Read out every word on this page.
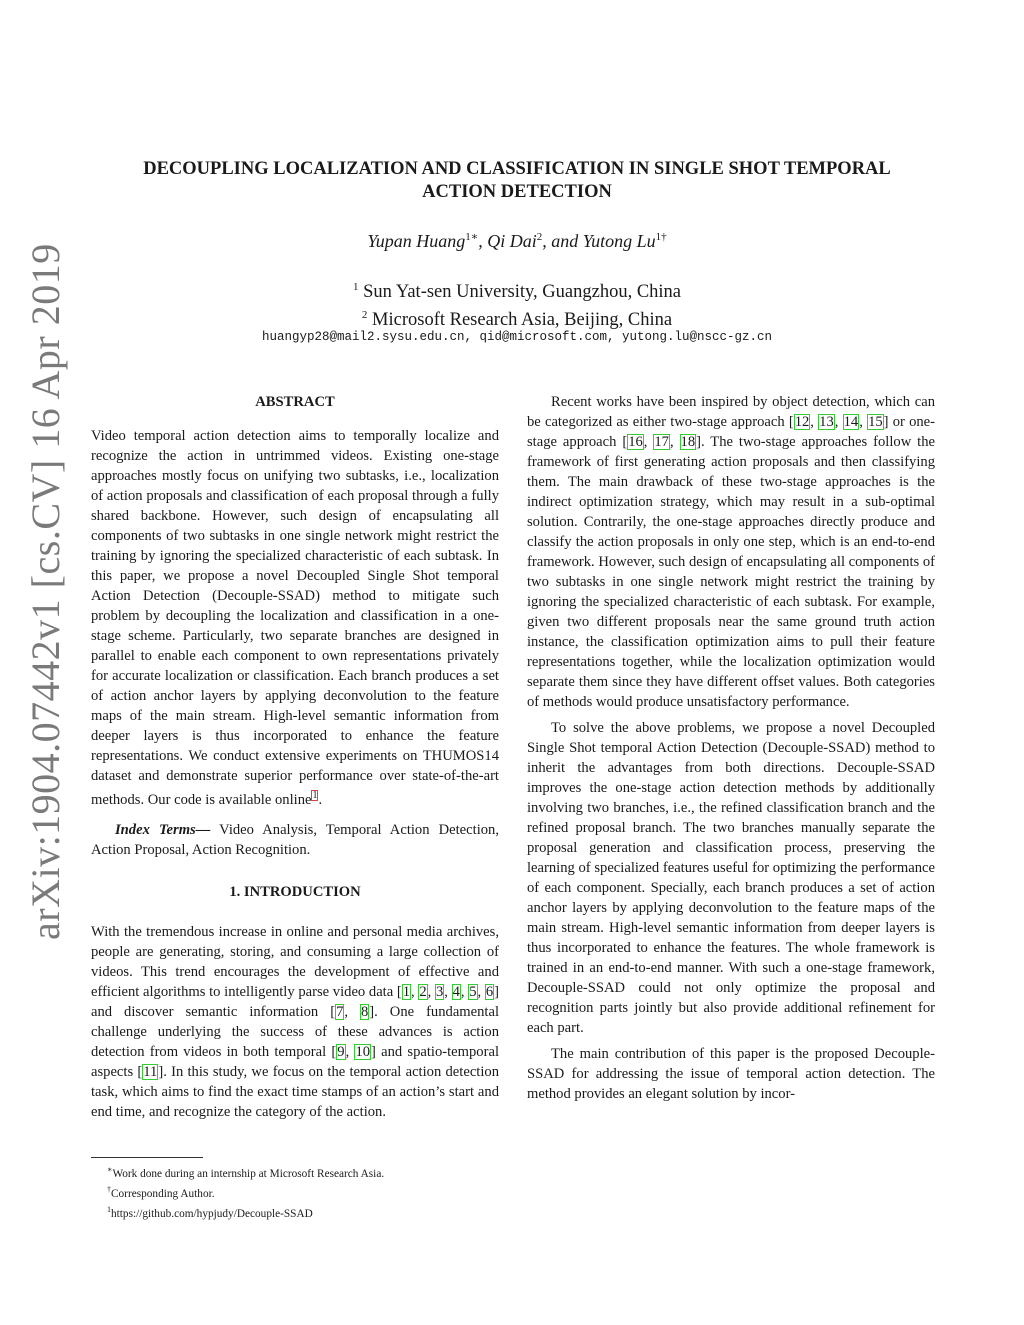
arXiv:1904.07442v1 [cs.CV] 16 Apr 2019
DECOUPLING LOCALIZATION AND CLASSIFICATION IN SINGLE SHOT TEMPORAL
ACTION DETECTION
Yupan Huang$^{1∗}$, Qi Dai$^2$, and Yutong $Lu^{1\dagger}$
$^1$ Sun Yat-sen University, Guangzhou, China
$^2$ Microsoft Research Asia, Beijing, China
huangyp28@mail2.sysu.edu.cn, qid@microsoft.com, yutong.lu@nscc-gz.cn

ABSTRACT

Video temporal action detection aims to temporally localize and recognize the action in untrimmed videos. Existing one-stage approaches mostly focus on unifying two subtasks, i.e., localization of action proposals and classification of each proposal through a fully shared backbone. However, such design of encapsulating all components of two subtasks in one single network might restrict the training by ignoring the specialized characteristic of each subtask. In this paper, we propose a novel Decoupled Single Shot temporal Action Detection (Decouple-SSAD) method to mitigate such problem by decoupling the localization and classification in a one-stage scheme. Particularly, two separate branches are designed in parallel to enable each component to own representations privately for accurate localization or classification. Each branch produces a set of action anchor layers by applying deconvolution to the feature maps of the main stream. High-level semantic information from deeper layers is thus incorporated to enhance the feature representations. We conduct extensive experiments on THUMOS14 dataset and demonstrate superior performance over state-of-the-art methods. Our code is available online$^1$.

Index Terms— Video Analysis, Temporal Action Detection, Action Proposal, Action Recognition.

1. INTRODUCTION

With the tremendous increase in online and personal media archives, people are generating, storing, and consuming a large collection of videos. This trend encourages the development of effective and efficient algorithms to intelligently parse video data [1, 2, 3, 4, 5, 6] and discover semantic information [7, 8]. One fundamental challenge underlying the success of these advances is action detection from videos in both temporal [9, 10] and spatio-temporal aspects [11]. In this study, we focus on the temporal action detection task, which aims to find the exact time stamps of an action’s start and end time, and recognize the category of the action.

Recent works have been inspired by object detection, which can be categorized as either two-stage approach [12, 13, 14, 15] or one-stage approach [16, 17, 18]. The two-stage approaches follow the framework of first generating action proposals and then classifying them. The main drawback of these two-stage approaches is the indirect optimization strategy, which may result in a sub-optimal solution. Contrarily, the one-stage approaches directly produce and classify the action proposals in only one step, which is an end-to-end framework. However, such design of encapsulating all components of two subtasks in one single network might restrict the training by ignoring the specialized characteristic of each subtask. For example, given two different proposals near the same ground truth action instance, the classification optimization aims to pull their feature representations together, while the localization optimization would separate them since they have different offset values. Both categories of methods would produce unsatisfactory performance.

To solve the above problems, we propose a novel Decoupled Single Shot temporal Action Detection (Decouple-SSAD) method to inherit the advantages from both directions. Decouple-SSAD improves the one-stage action detection methods by additionally involving two branches, i.e., the refined classification branch and the refined proposal branch. The two branches manually separate the proposal generation and classification process, preserving the learning of specialized features useful for optimizing the performance of each component. Specially, each branch produces a set of action anchor layers by applying deconvolution to the feature maps of the main stream. High-level semantic information from deeper layers is thus incorporated to enhance the features. The whole framework is trained in an end-to-end manner. With such a one-stage framework, Decouple-SSAD could not only optimize the proposal and recognition parts jointly but also provide additional refinement for each part.

The main contribution of this paper is the proposed Decouple-SSAD for addressing the issue of temporal action detection. The method provides an elegant solution by incor-

∗Work done during an internship at Microsoft Research Asia.
†Corresponding Author.
$^1$https://github.com/hypjudy/Decouple-SSAD
